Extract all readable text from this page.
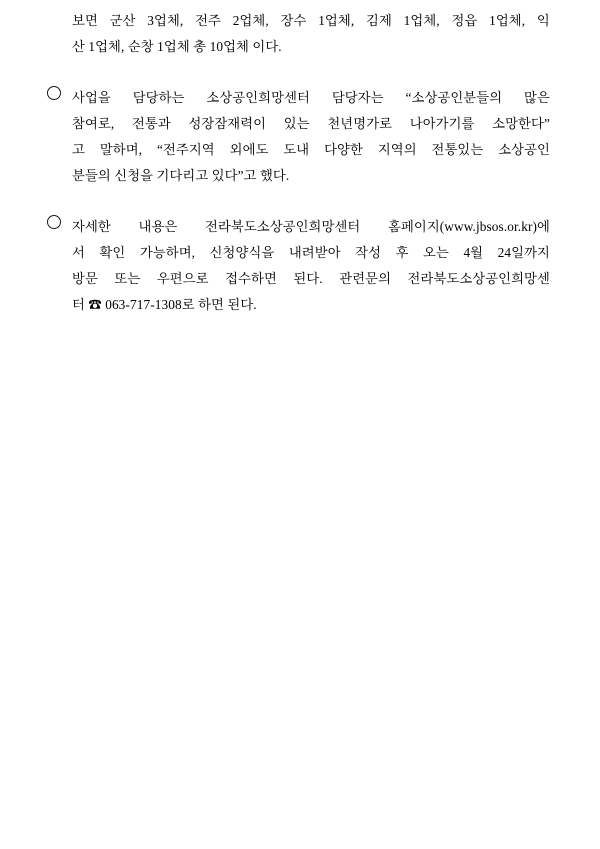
보면 군산 3업체, 전주 2업체, 장수 1업체, 김제 1업체, 정읍 1업체, 익
산 1업체, 순창 1업체 총 10업체 이다.
사업을 담당하는 소상공인희망센터 담당자는 “소상공인분들의 많은
참여로, 전통과 성장잠재력이 있는 천년명가로 나아가기를 소망한다”
고 말하며, “전주지역 외에도 도내 다양한 지역의 전통있는 소상공인
분들의 신청을 기다리고 있다”고 했다.
자세한 내용은 전라북도소상공인희망센터 홈페이지(www.jbsos.or.kr)에
서 확인 가능하며, 신청양식을 내려받아 작성 후 오는 4월 24일까지
방문 또는 우편으로 접수하면 된다. 관련문의 전라북도소상공인희망센
터 ☎ 063-717-1308로 하면 된다.
